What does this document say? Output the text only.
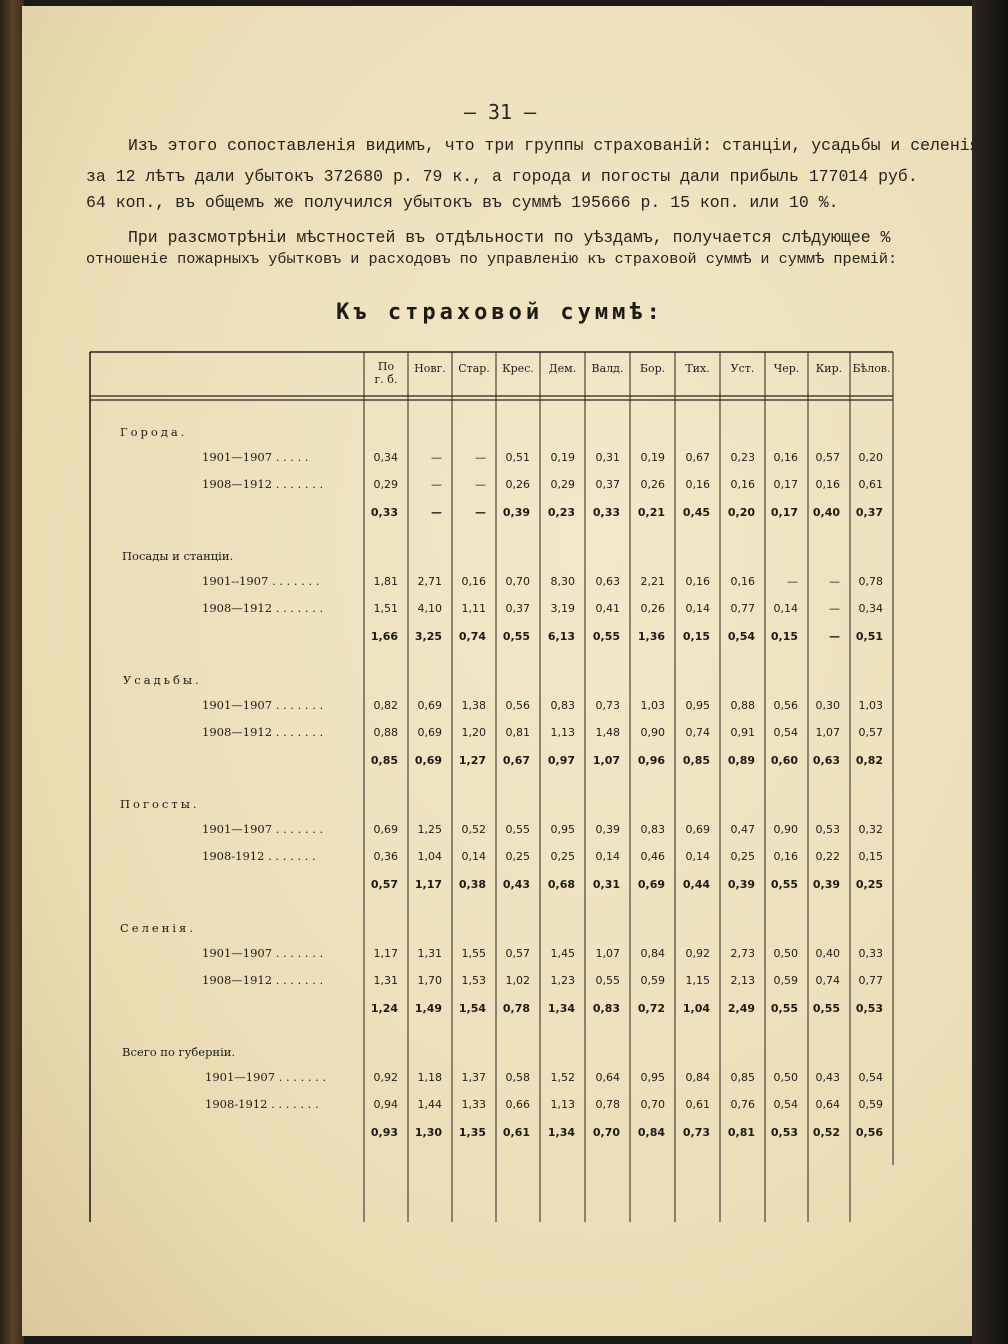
— 31 —
Изъ этого сопоставленія видимъ, что три группы страхованій: станціи, усадьбы и селенія
за 12 лѣтъ дали убытокъ 372680 р. 79 к., а города и погосты дали прибыль 177014 руб.
64 коп., въ общемъ же получился убытокъ въ суммѣ 195666 р. 15 коп. или 10 %.
При разсмотрѣніи мѣстностей въ отдѣльности по уѣздамъ, получается слѣдующее %
отношеніе пожарныхъ убытковъ и расходовъ по управленію къ страховой суммѣ и суммѣ премій:
Къ страховой суммѣ:
По
г. б.
Новг. Стар. Крес. Дем. Валд. Бор. Тих. Уст. Чер. Кир. Бѣлов.
Города.
1901—1907 . . . . .	0,34	—	— 0,51 0,19 0,31 0,19 0,67 0,23 0,16 0,57 0,20
1908—1912 . . . . . . .	0,29	—	— 0,26 0,29 0,37 0,26 0,16 0,16 0,17 0,16 0,61
0,33	—	— 0,39 0,23 0,33 0,21 0,45 0,20 0,17 0,40 0,37
Посады и станціи.
1901--1907 . . . . . . .	1,81 2,71 0,16 0,70 8,30 0,63 2,21 0,16 0,16	—	— 0,78
1908—1912 . . . . . . .	1,51 4,10 1,11 0,37 3,19 0,41 0,26 0,14 0,77 0,14	— 0,34
1,66 3,25 0,74 0,55 6,13 0,55 1,36 0,15 0,54 0,15	— 0,51
Усадьбы.
1901—1907 . . . . . . .	0,82 0,69 1,38 0,56 0,83 0,73 1,03 0,95 0,88 0,56 0,30 1,03
1908—1912 . . . . . . .	0,88 0,69 1,20 0,81 1,13 1,48 0,90 0,74 0,91 0,54 1,07 0,57
0,85 0,69 1,27 0,67 0,97 1,07 0,96 0,85 0,89 0,60 0,63 0,82
Погосты.
1901—1907 . . . . . . .	0,69 1,25 0,52 0,55 0,95 0,39 0,83 0,69 0,47 0,90 0,53 0,32
1908-1912 . . . . . . .	0,36 1,04 0,14 0,25 0,25 0,14 0,46 0,14 0,25 0,16 0,22 0,15
0,57 1,17 0,38 0,43 0,68 0,31 0,69 0,44 0,39 0,55 0,39 0,25
Селенія.
1901—1907 . . . . . . .	1,17 1,31 1,55 0,57 1,45 1,07 0,84 0,92 2,73 0,50 0,40 0,33
1908—1912 . . . . . . .	1,31 1,70 1,53 1,02 1,23 0,55 0,59 1,15 2,13 0,59 0,74 0,77
1,24 1,49 1,54 0,78 1,34 0,83 0,72 1,04 2,49 0,55 0,55 0,53
Всего по губерніи.
1901—1907 . . . . . . .	0,92 1,18 1,37 0,58 1,52 0,64 0,95 0,84 0,85 0,50 0,43 0,54
1908-1912 . . . . . . .	0,94 1,44 1,33 0,66 1,13 0,78 0,70 0,61 0,76 0,54 0,64 0,59
0,93 1,30 1,35 0,61 1,34 0,70 0,84 0,73 0,81 0,53 0,52 0,56
